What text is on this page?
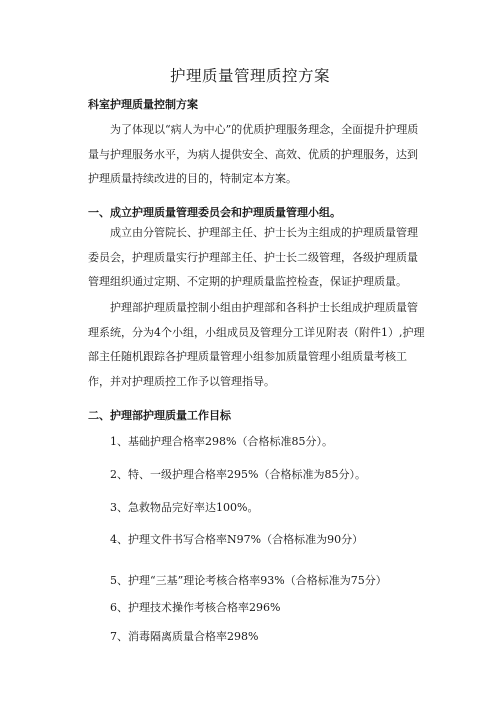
护理质量管理质控方案
科室护理质量控制方案

为了体现以“病人为中心”的优质护理服务理念，全面提升护理质量与护理服务水平，为病人提供安全、高效、优质的护理服务，达到护理质量持续改进的目的，特制定本方案。

一、成立护理质量管理委员会和护理质量管理小组。

成立由分管院长、护理部主任、护士长为主组成的护理质量管理委员会，护理质量实行护理部主任、护士长二级管理，各级护理质量管理组织通过定期、不定期的护理质量监控检查，保证护理质量。

护理部护理质量控制小组由护理部和各科护士长组成护理质量管理系统，分为4个小组，小组成员及管理分工详见附表（附件1）,护理部主任随机跟踪各护理质量管理小组参加质量管理小组质量考核工作，并对护理质控工作予以管理指导。

二、护理部护理质量工作目标

1、基础护理合格率298%（合格标准85分）。

2、特、一级护理合格率295%（合格标准为85分）。

3、急救物品完好率达100%。

4、护理文件书写合格率N97%（合格标准为90分）

5、护理“三基”理论考核合格率93%（合格标准为75分）

6、护理技术操作考核合格率296%

7、消毒隔离质量合格率298%
